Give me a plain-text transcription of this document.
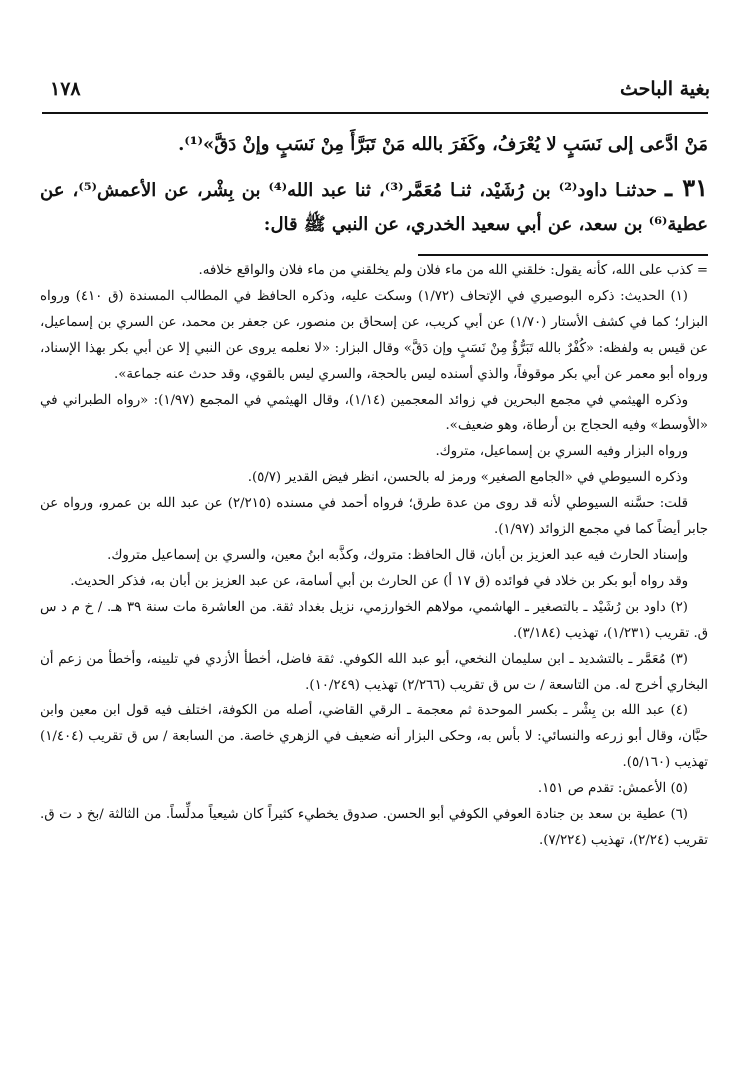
بغية الباحث
١٧٨
مَنْ ادَّعى إلى نَسَبٍ لا يُعْرَفُ، وكَفَرَ بالله مَنْ تَبَرَّأَ مِنْ نَسَبٍ وإنْ دَقَّ»⁽¹⁾.
٣١ ـ حدثنـا داود⁽²⁾ بن رُشَيْد، ثنـا مُعَمَّر⁽³⁾، ثنا عبد الله⁽⁴⁾ بن بِشْر، عن الأعمش⁽⁵⁾، عن عطية⁽⁶⁾ بن سعد، عن أبي سعيد الخدري، عن النبي ﷺ قال:

= كذب على الله، كأنه يقول: خلقني الله من ماء فلان ولم يخلقني من ماء فلان والواقع خلافه.

(١) الحديث: ذكره البوصيري في الإتحاف (١/٧٢) وسكت عليه، وذكره الحافظ في المطالب المسندة (ق ٤١٠) ورواه البزار؛ كما في كشف الأستار (١/٧٠) عن أبي كريب، عن إسحاق بن منصور، عن جعفر بن محمد، عن السري بن إسماعيل، عن قيس به ولفظه: «كُفْرٌ بالله تَبَرُّؤٌ مِنْ نَسَبٍ وإن دَقَّ» وقال البزار: «لا نعلمه يروى عن النبي إلا عن أبي بكر بهذا الإسناد، ورواه أبو معمر عن أبي بكر موقوفاً، والذي أسنده ليس بالحجة، والسري ليس بالقوي، وقد حدث عنه جماعة».

وذكره الهيثمي في مجمع البحرين في زوائد المعجمين (١/١٤)، وقال الهيثمي في المجمع (١/٩٧): «رواه الطبراني في «الأوسط» وفيه الحجاج بن أرطاة، وهو ضعيف».

ورواه البزار وفيه السري بن إسماعيل، متروك.

وذكره السيوطي في «الجامع الصغير» ورمز له بالحسن، انظر فيض القدير (٥/٧).

قلت: حسَّنه السيوطي لأنه قد روى من عدة طرق؛ فرواه أحمد في مسنده (٢/٢١٥) عن عبد الله بن عمرو، ورواه عن جابر أيضاً كما في مجمع الزوائد (١/٩٧).

وإسناد الحارث فيه عبد العزيز بن أبان، قال الحافظ: متروك، وكذَّبه ابنُ معين، والسري بن إسماعيل متروك.

وقد رواه أبو بكر بن خلاد في فوائده (ق ١٧ أ) عن الحارث بن أبي أسامة، عن عبد العزيز بن أبان به، فذكر الحديث.

(٢) داود بن رُشَيْد ـ بالتصغير ـ الهاشمي، مولاهم الخوارزمي، نزيل بغداد ثقة. من العاشرة مات سنة ٣٩ هـ. / خ م د س ق. تقريب (١/٢٣١)، تهذيب (٣/١٨٤).

(٣) مُعَمَّر ـ بالتشديد ـ ابن سليمان النخعي، أبو عبد الله الكوفي. ثقة فاضل، أخطأ الأزدي في تليينه، وأخطأ من زعم أن البخاري أخرج له. من التاسعة / ت س ق تقريب (٢/٢٦٦) تهذيب (١٠/٢٤٩).

(٤) عبد الله بن بِشْر ـ بكسر الموحدة ثم معجمة ـ الرقي القاضي، أصله من الكوفة، اختلف فيه قول ابن معين وابن حبَّان، وقال أبو زرعه والنسائي: لا بأس به، وحكى البزار أنه ضعيف في الزهري خاصة. من السابعة / س ق تقريب (١/٤٠٤) تهذيب (٥/١٦٠).

(٥) الأعمش: تقدم ص ١٥١.

(٦) عطية بن سعد بن جنادة العوفي الكوفي أبو الحسن. صدوق يخطيء كثيراً كان شيعياً مدلِّساً. من الثالثة /بخ د ت ق. تقريب (٢/٢٤)، تهذيب (٧/٢٢٤).
